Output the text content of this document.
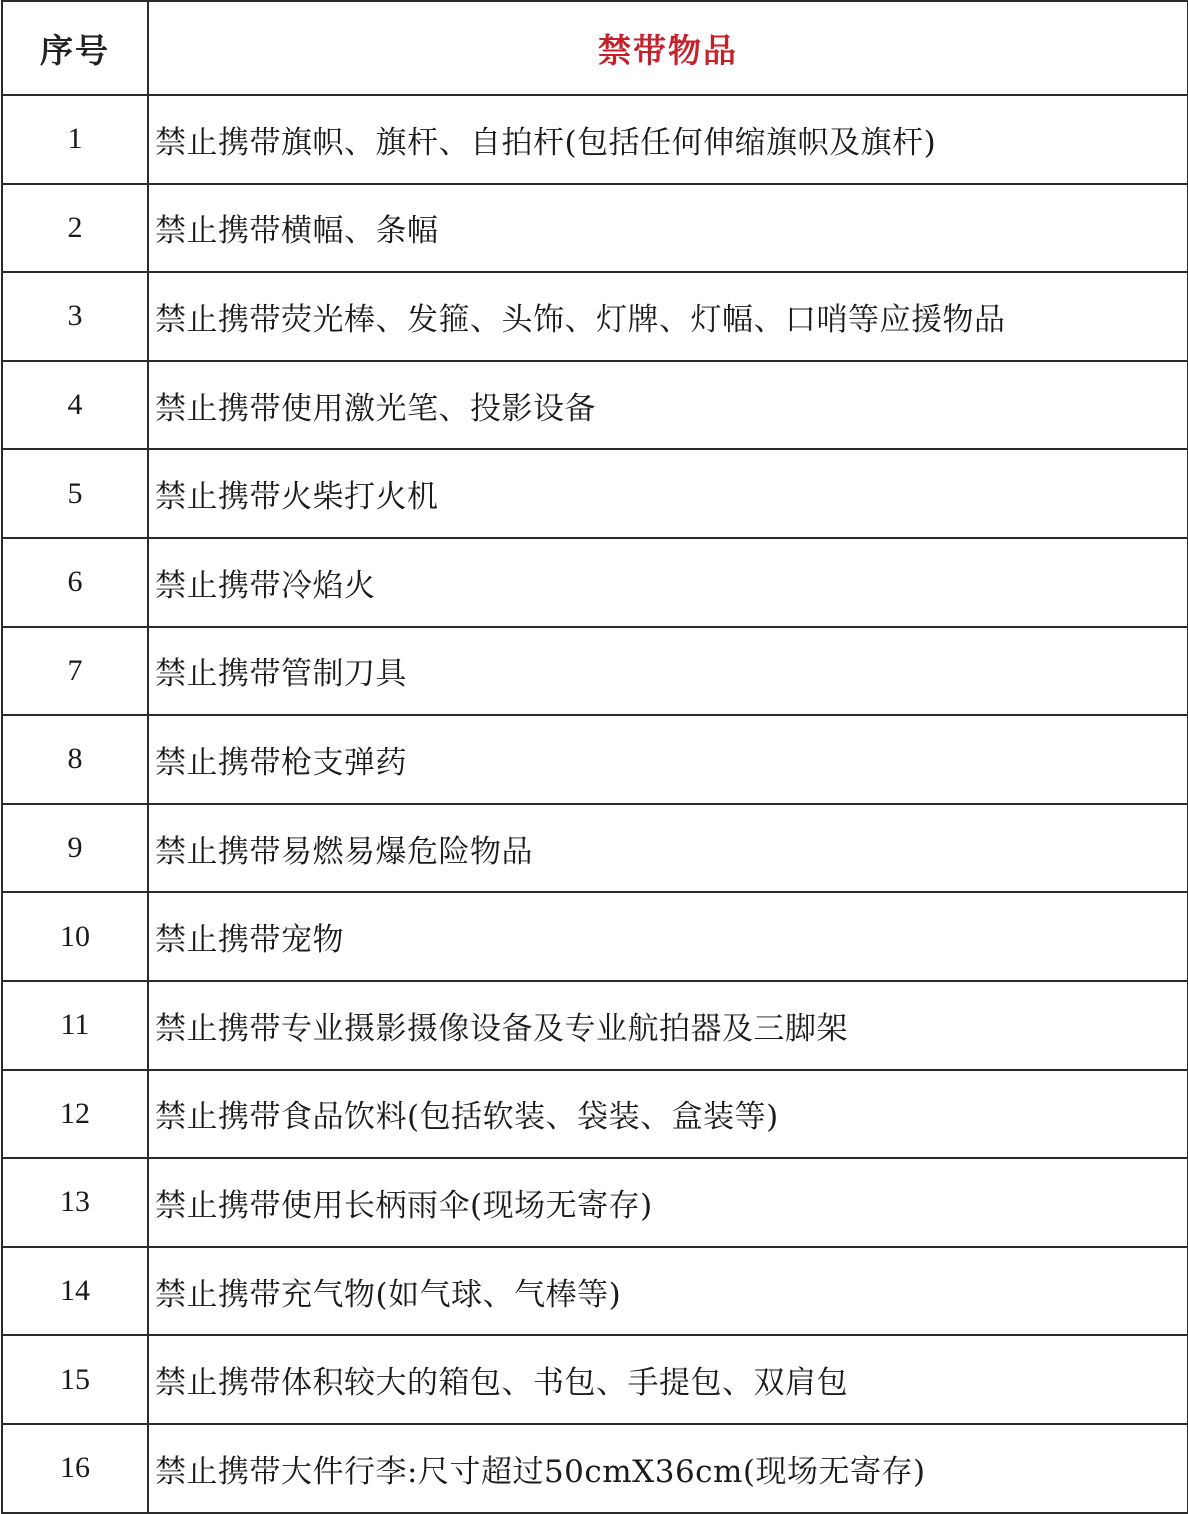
序号	禁带物品
1	禁止携带旗帜、旗杆、自拍杆(包括任何伸缩旗帜及旗杆)
2	禁止携带横幅、条幅
3	禁止携带荧光棒、发箍、头饰、灯牌、灯幅、口哨等应援物品
4	禁止携带使用激光笔、投影设备
5	禁止携带火柴打火机
6	禁止携带冷焰火
7	禁止携带管制刀具
8	禁止携带枪支弹药
9	禁止携带易燃易爆危险物品
10	禁止携带宠物
11	禁止携带专业摄影摄像设备及专业航拍器及三脚架
12	禁止携带食品饮料(包括软装、袋装、盒装等)
13	禁止携带使用长柄雨伞(现场无寄存)
14	禁止携带充气物(如气球、气棒等)
15	禁止携带体积较大的箱包、书包、手提包、双肩包
16	禁止携带大件行李:尺寸超过50cmX36cm(现场无寄存)
